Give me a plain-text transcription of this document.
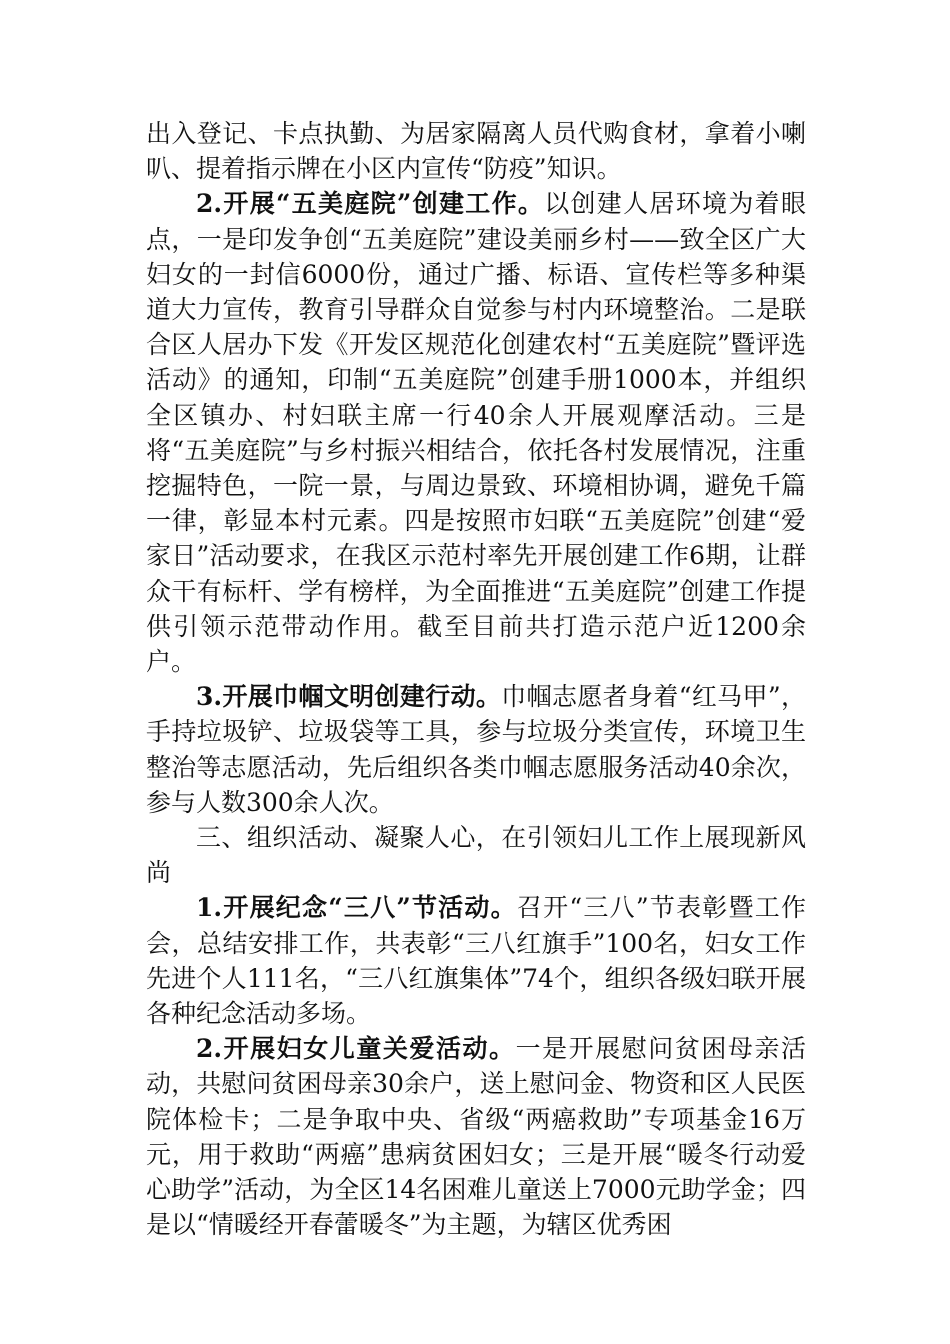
出入登记、卡点执勤、为居家隔离人员代购食材，拿着小喇叭、提着指示牌在小区内宣传“防疫”知识。

2.开展“五美庭院”创建工作。以创建人居环境为着眼点，一是印发争创“五美庭院”建设美丽乡村——致全区广大妇女的一封信6000份，通过广播、标语、宣传栏等多种渠道大力宣传，教育引导群众自觉参与村内环境整治。二是联合区人居办下发《开发区规范化创建农村“五美庭院”暨评选活动》的通知，印制“五美庭院”创建手册1000本，并组织全区镇办、村妇联主席一行40余人开展观摩活动。三是将“五美庭院”与乡村振兴相结合，依托各村发展情况，注重挖掘特色，一院一景，与周边景致、环境相协调，避免千篇一律，彰显本村元素。四是按照市妇联“五美庭院”创建“爱家日”活动要求，在我区示范村率先开展创建工作6期，让群众干有标杆、学有榜样，为全面推进“五美庭院”创建工作提供引领示范带动作用。截至目前共打造示范户近1200余户。

3.开展巾帼文明创建行动。巾帼志愿者身着“红马甲”，手持垃圾铲、垃圾袋等工具，参与垃圾分类宣传，环境卫生整治等志愿活动，先后组织各类巾帼志愿服务活动40余次，参与人数300余人次。

三、组织活动、凝聚人心，在引领妇儿工作上展现新风尚

1.开展纪念“三八”节活动。召开“三八”节表彰暨工作会，总结安排工作，共表彰“三八红旗手”100名，妇女工作先进个人111名，“三八红旗集体”74个，组织各级妇联开展各种纪念活动多场。

2.开展妇女儿童关爱活动。一是开展慰问贫困母亲活动，共慰问贫困母亲30余户，送上慰问金、物资和区人民医院体检卡；二是争取中央、省级“两癌救助”专项基金16万元，用于救助“两癌”患病贫困妇女；三是开展“暖冬行动爱心助学”活动，为全区14名困难儿童送上7000元助学金；四是以“情暖经开春蕾暖冬”为主题，为辖区优秀困
